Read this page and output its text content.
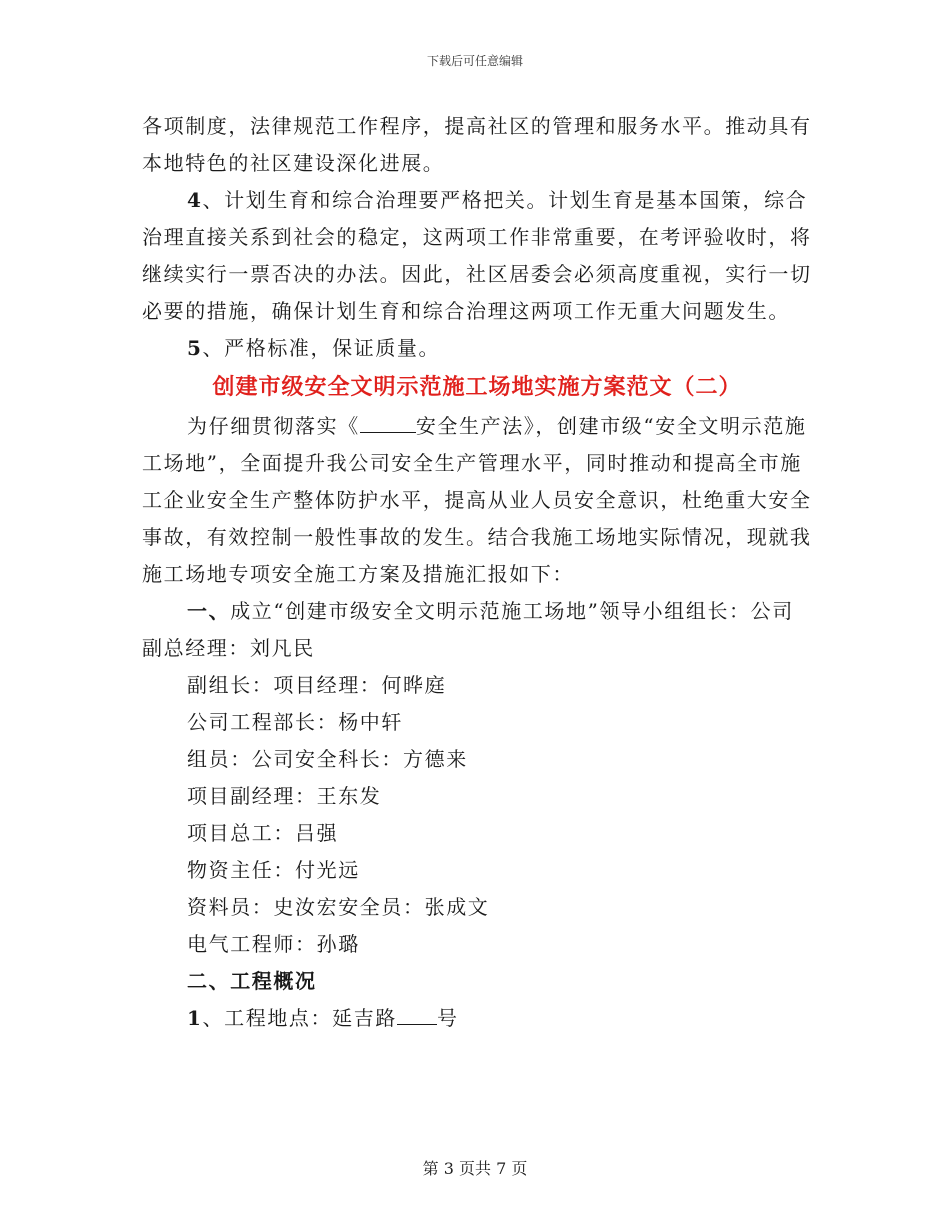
下载后可任意编辑

各项制度，法律规范工作程序，提高社区的管理和服务水平。推动具有本地特色的社区建设深化进展。

4、计划生育和综合治理要严格把关。计划生育是基本国策，综合治理直接关系到社会的稳定，这两项工作非常重要，在考评验收时，将继续实行一票否决的办法。因此，社区居委会必须高度重视，实行一切必要的措施，确保计划生育和综合治理这两项工作无重大问题发生。

5、严格标准，保证质量。

创建市级安全文明示范施工场地实施方案范文（二）

为仔细贯彻落实《	安全生产法》，创建市级“安全文明示范施工场地”，全面提升我公司安全生产管理水平，同时推动和提高全市施工企业安全生产整体防护水平，提高从业人员安全意识，杜绝重大安全事故，有效控制一般性事故的发生。结合我施工场地实际情况，现就我施工场地专项安全施工方案及措施汇报如下：

一、成立“创建市级安全文明示范施工场地”领导小组组长：公司副总经理：刘凡民

副组长：项目经理：何晔庭

公司工程部长：杨中轩

组员：公司安全科长：方德来

项目副经理：王东发

项目总工：吕强

物资主任：付光远

资料员：史汝宏安全员：张成文

电气工程师：孙璐

二、工程概况

1、工程地点：延吉路 号

第 3 页共 7 页
